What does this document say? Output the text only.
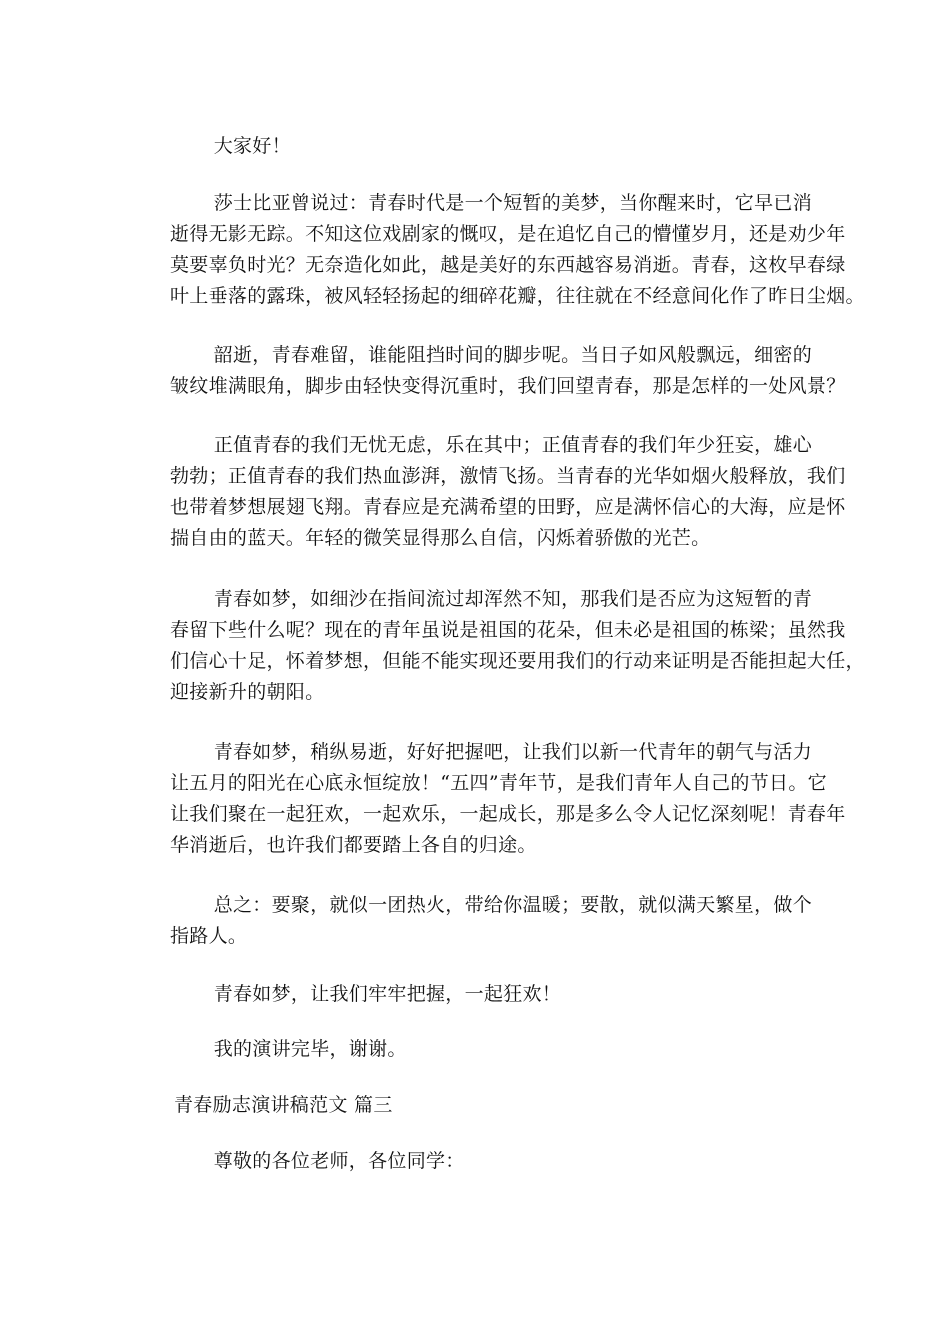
大家好！

莎士比亚曾说过：青春时代是一个短暂的美梦，当你醒来时，它早已消
逝得无影无踪。不知这位戏剧家的慨叹，是在追忆自己的懵懂岁月，还是劝少年
莫要辜负时光？无奈造化如此，越是美好的东西越容易消逝。青春，这枚早春绿
叶上垂落的露珠，被风轻轻扬起的细碎花瓣，往往就在不经意间化作了昨日尘烟。

韶逝，青春难留，谁能阻挡时间的脚步呢。当日子如风般飘远，细密的
皱纹堆满眼角，脚步由轻快变得沉重时，我们回望青春，那是怎样的一处风景？

正值青春的我们无忧无虑，乐在其中；正值青春的我们年少狂妄，雄心
勃勃；正值青春的我们热血澎湃，激情飞扬。当青春的光华如烟火般释放，我们
也带着梦想展翅飞翔。青春应是充满希望的田野，应是满怀信心的大海，应是怀
揣自由的蓝天。年轻的微笑显得那么自信，闪烁着骄傲的光芒。

青春如梦，如细沙在指间流过却浑然不知，那我们是否应为这短暂的青
春留下些什么呢？现在的青年虽说是祖国的花朵，但未必是祖国的栋梁；虽然我
们信心十足，怀着梦想，但能不能实现还要用我们的行动来证明是否能担起大任，
迎接新升的朝阳。

青春如梦，稍纵易逝，好好把握吧，让我们以新一代青年的朝气与活力
让五月的阳光在心底永恒绽放！“五四”青年节，是我们青年人自己的节日。它
让我们聚在一起狂欢，一起欢乐，一起成长，那是多么令人记忆深刻呢！青春年
华消逝后，也许我们都要踏上各自的归途。

总之：要聚，就似一团热火，带给你温暖；要散，就似满天繁星，做个
指路人。

青春如梦，让我们牢牢把握，一起狂欢！

我的演讲完毕，谢谢。

青春励志演讲稿范文 篇三

尊敬的各位老师，各位同学：
